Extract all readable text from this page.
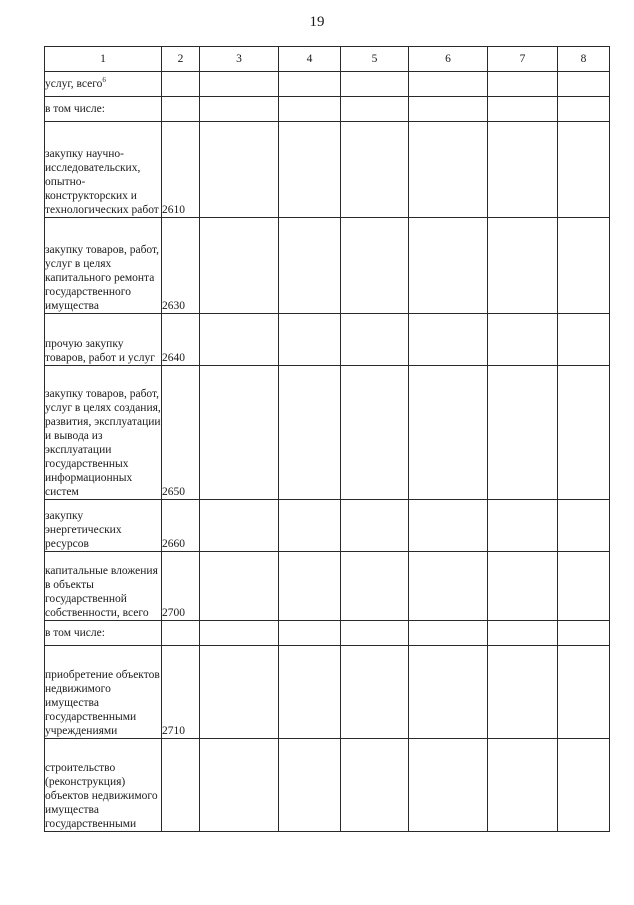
19
1	2	3	4	5	6	7	8
услуг, всего$^6$							
в том числе:							
закупку научно-исследовательских, опытно-конструкторских и технологических работ	2610						
закупку товаров, работ, услуг в целях капитального ремонта государственного имущества	2630						
прочую закупку товаров, работ и услуг	2640						
закупку товаров, работ, услуг в целях создания, развития, эксплуатации и вывода из эксплуатации государственных информационных систем	2650						
закупку энергетических ресурсов	2660						
капитальные вложения в объекты государственной собственности, всего	2700						
в том числе:							
приобретение объектов недвижимого имущества государственными учреждениями	2710						
строительство (реконструкция) объектов недвижимого имущества государственными							
